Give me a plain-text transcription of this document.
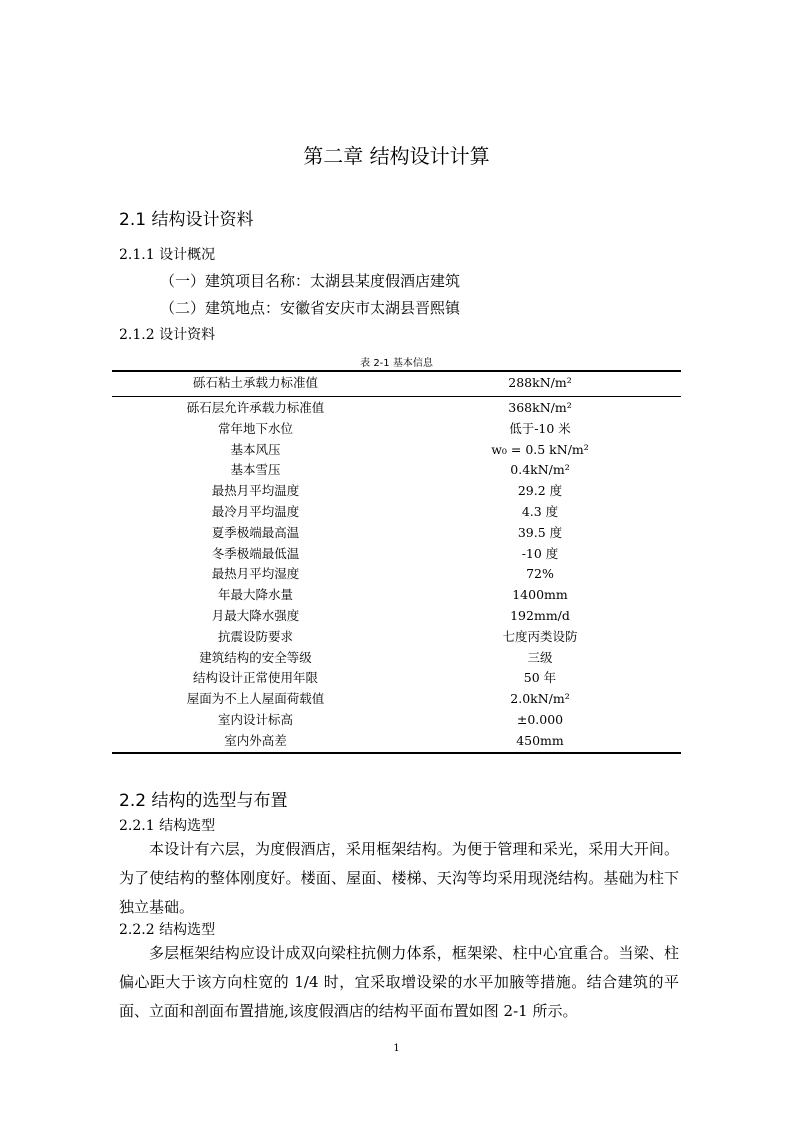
第二章 结构设计计算
2.1 结构设计资料
2.1.1 设计概况
（一）建筑项目名称：太湖县某度假酒店建筑
（二）建筑地点：安徽省安庆市太湖县晋熙镇
2.1.2 设计资料
表 2-1 基本信息
砾石粘土承载力标准值	288kN/m²
砾石层允许承载力标准值	368kN/m²
常年地下水位	低于-10 米
基本风压	w₀ = 0.5 kN/m²
基本雪压	0.4kN/m²
最热月平均温度	29.2 度
最冷月平均温度	4.3 度
夏季极端最高温	39.5 度
冬季极端最低温	-10 度
最热月平均湿度	72%
年最大降水量	1400mm
月最大降水强度	192mm/d
抗震设防要求	七度丙类设防
建筑结构的安全等级	三级
结构设计正常使用年限	50 年
屋面为不上人屋面荷载值	2.0kN/m²
室内设计标高	±0.000
室内外高差	450mm
2.2 结构的选型与布置
2.2.1 结构选型
本设计有六层，为度假酒店，采用框架结构。为便于管理和采光，采用大开间。为了使结构的整体刚度好。楼面、屋面、楼梯、天沟等均采用现浇结构。基础为柱下独立基础。
2.2.2 结构选型
多层框架结构应设计成双向梁柱抗侧力体系，框架梁、柱中心宜重合。当梁、柱偏心距大于该方向柱宽的 1/4 时，宜采取增设梁的水平加腋等措施。结合建筑的平面、立面和剖面布置措施,该度假酒店的结构平面布置如图 2-1 所示。
1
